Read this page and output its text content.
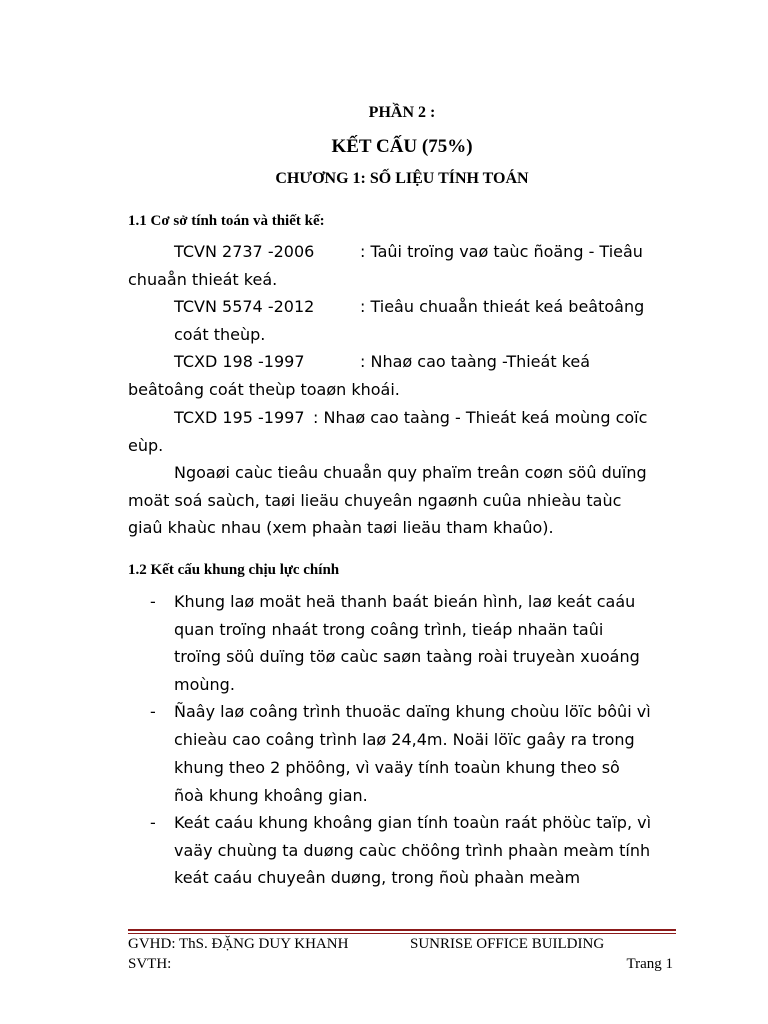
PHẦN 2 :
KẾT CẤU (75%)
CHƯƠNG 1: SỐ LIỆU TÍNH TOÁN
1.1 Cơ sở tính toán và thiết kế:
TCVN 2737 -2006	: Taûi troïng vaø taùc ñoäng - Tieâu
chuaån thieát keá.
TCVN 5574 -2012	: Tieâu chuaån thieát keá beâtoâng
coát theùp.
TCXD 198 -1997	: Nhaø cao taàng -Thieát keá
beâtoâng coát theùp toaøn khoái.
TCXD 195 -1997 : Nhaø cao taàng - Thieát keá moùng coïc
eùp.
Ngoaøi caùc tieâu chuaån quy phaïm treân coøn söû duïng
moät soá saùch, taøi lieäu chuyeân ngaønh cuûa nhieàu taùc
giaû khaùc nhau (xem phaàn taøi lieäu tham khaûo).
1.2 Kết cấu khung chịu lực chính
- Khung laø moät heä thanh baát bieán hình, laø keát caáu
quan troïng nhaát trong coâng trình, tieáp nhaän taûi
troïng söû duïng töø caùc saøn taàng roài truyeàn xuoáng
moùng.
- Ñaây laø coâng trình thuoäc daïng khung choùu löïc bôûi vì
chieàu cao coâng trình laø 24,4m. Noäi löïc gaây ra trong
khung theo 2 phöông, vì vaäy tính toaùn khung theo sô
ñoà khung khoâng gian.
- Keát caáu khung khoâng gian tính toaùn raát phöùc taïp, vì
vaäy chuùng ta duøng caùc chöông trình phaàn meàm tính
keát caáu chuyeân duøng, trong ñoù phaàn meàm
GVHD: ThS. ĐẶNG DUY KHANH	SUNRISE OFFICE BUILDING
SVTH:	Trang 1
